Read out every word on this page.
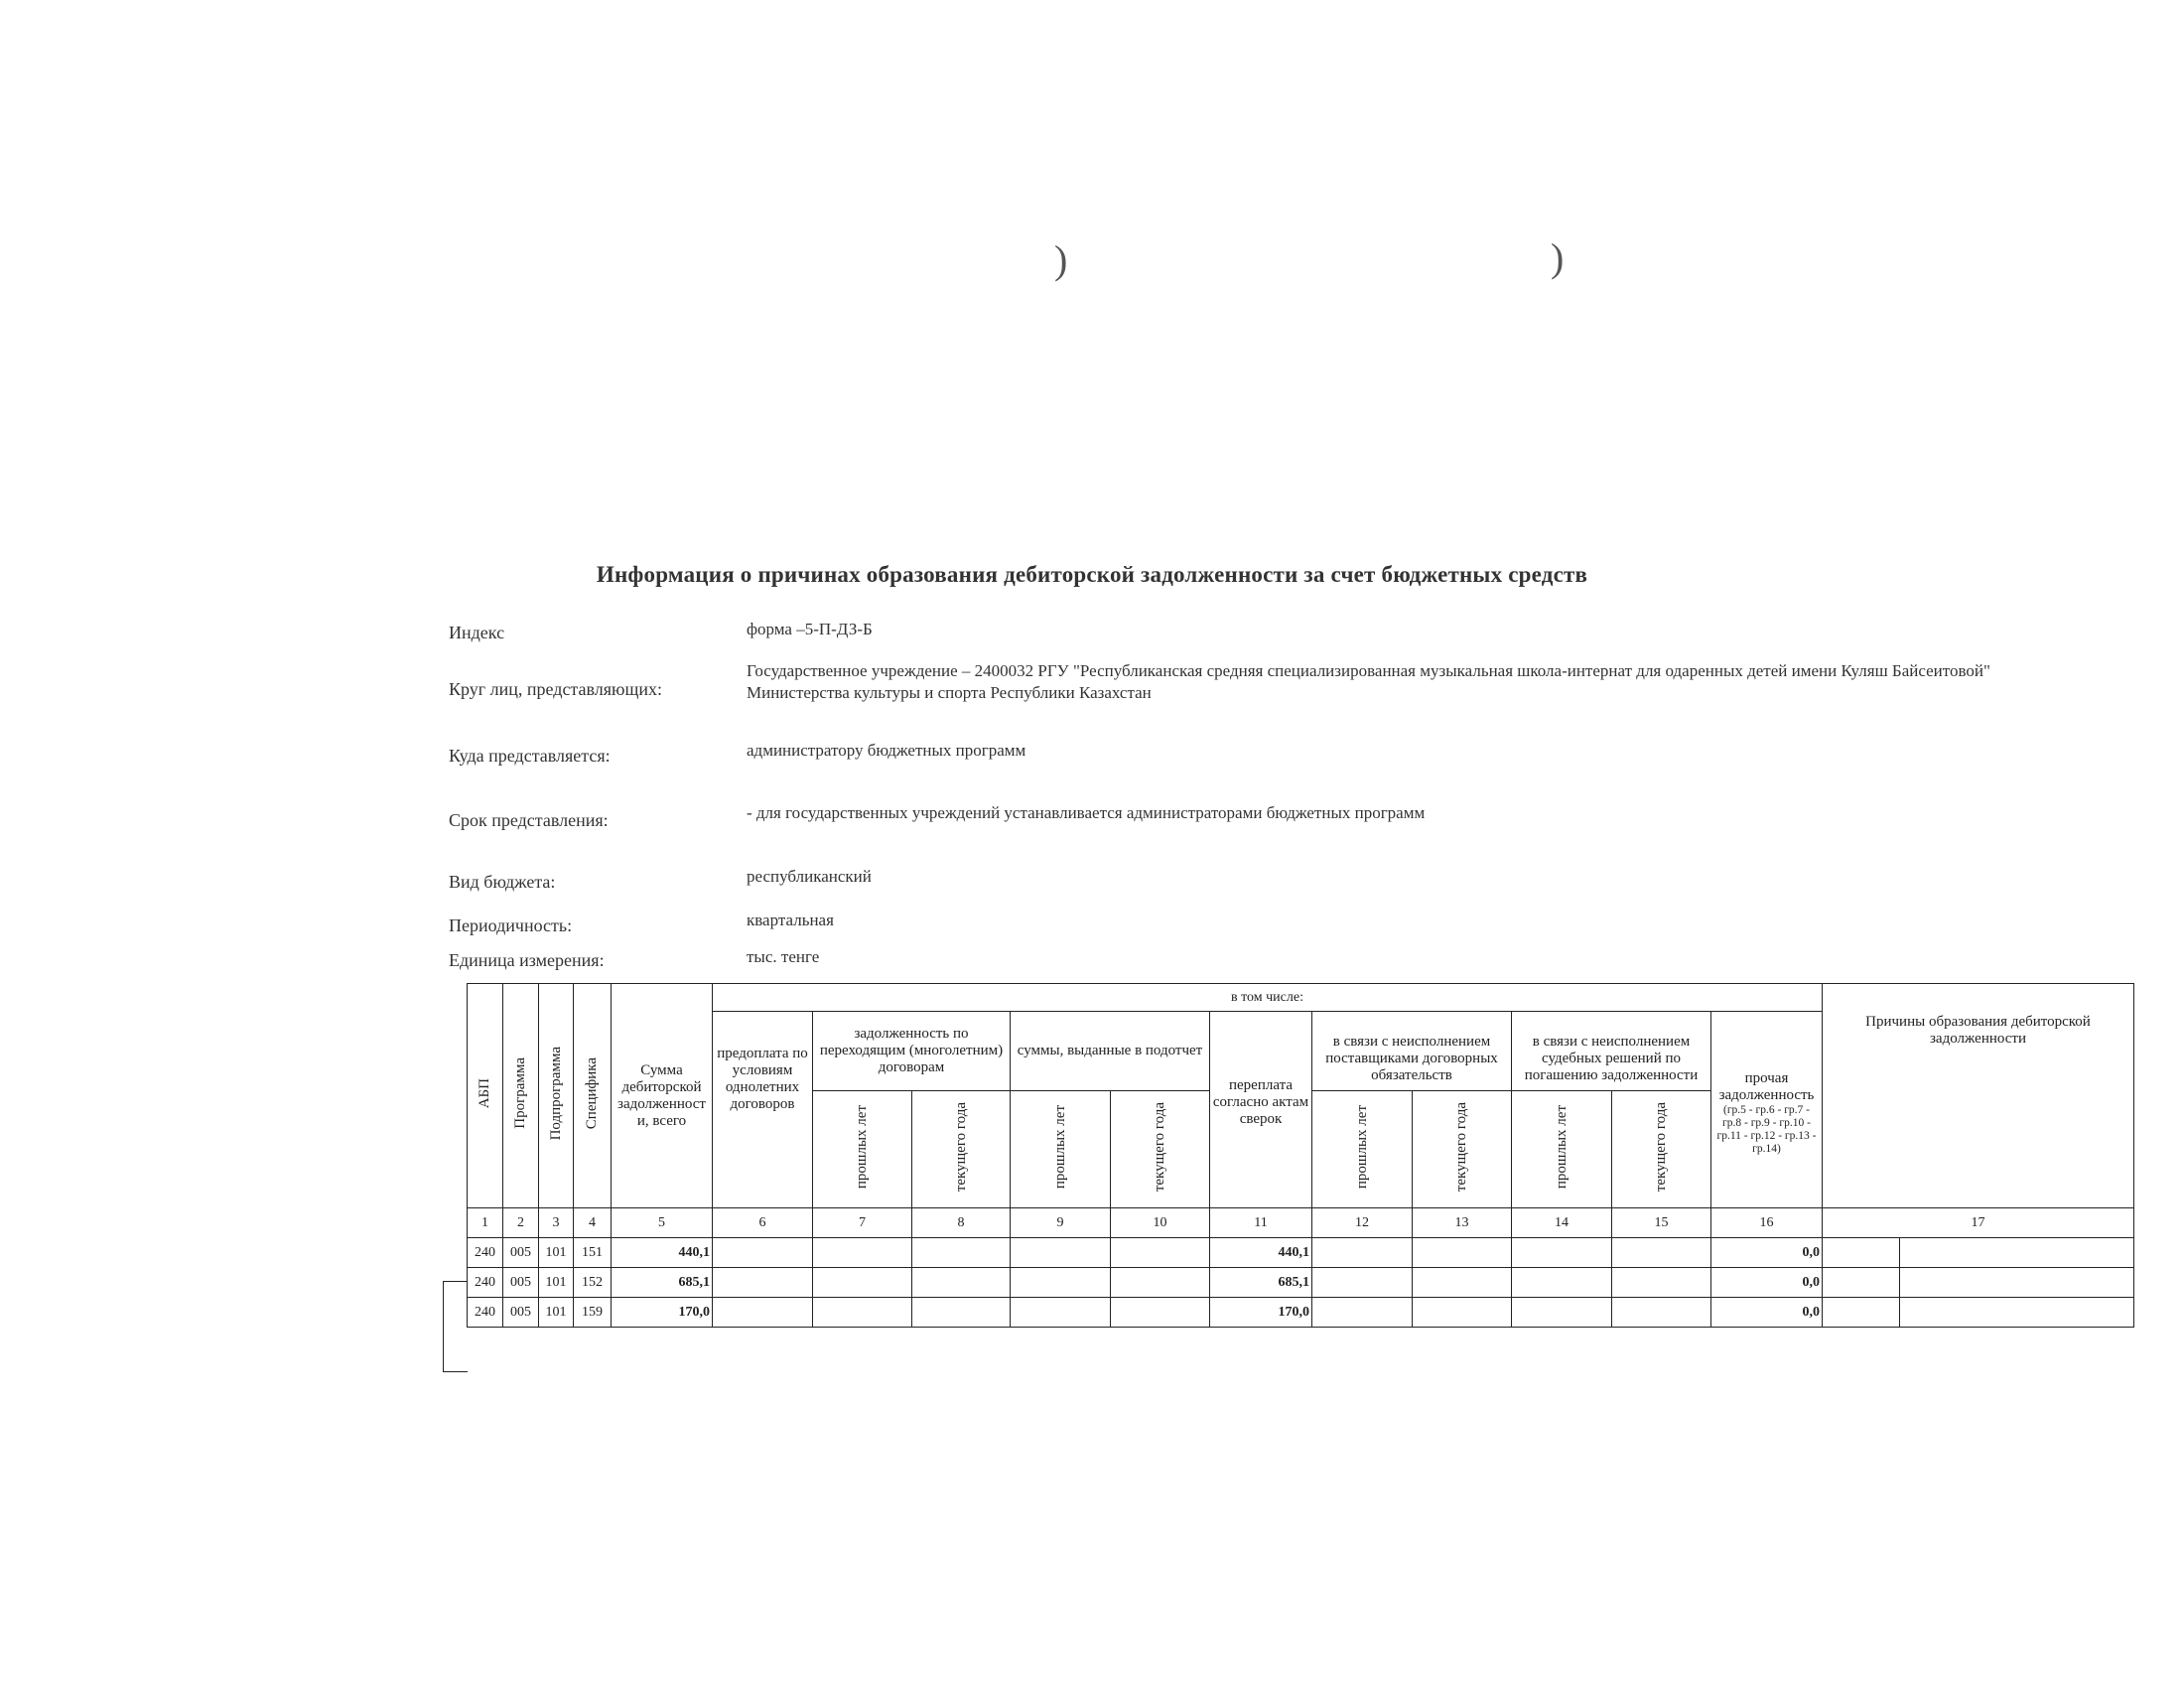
)	)
Информация о причинах образования дебиторской задолженности за счет бюджетных средств
Индекс	форма –5-П-ДЗ-Б
Круг лиц, представляющих:
Государственное учреждение – 2400032 РГУ "Республиканская средняя специализированная музыкальная школа-интернат для одаренных детей имени Куляш Байсеитовой" Министерства культуры и спорта Республики Казахстан
Куда представляется:	администратору бюджетных программ
Срок представления:	- для государственных учреждений устанавливается администраторами бюджетных программ
Вид бюджета:	республиканский
Периодичность:	квартальная
Единица измерения:	тыс. тенге
АБП	Программа	Подпрограмма	Специфика	Сумма дебиторской задолженност и, всего	в том числе:											Причины образования дебиторской задолженности	
					предоплата по условиям однолетних договоров	задолженность по переходящим (многолетним) договорам		суммы, выданные в подотчет		переплата согласно актам сверок	в связи с неисполнением поставщиками договорных обязательств		в связи с неисполнением судебных решений по погашению задолженности		прочая задолженность
(гр.5 - гр.6 - гр.7 - гр.8 - гр.9 - гр.10 - гр.11 - гр.12 - гр.13 - гр.14)		

						прошлых лет	текущего года	прошлых лет	текущего года		прошлых лет	текущего года	прошлых лет	текущего года			
1	2	3	4	5	6	7	8	9	10	11	12	13	14	15	16	17	
240	005	101	151	440,1						440,1					0,0		
240	005	101	152	685,1						685,1					0,0		
240	005	101	159	170,0						170,0					0,0		
